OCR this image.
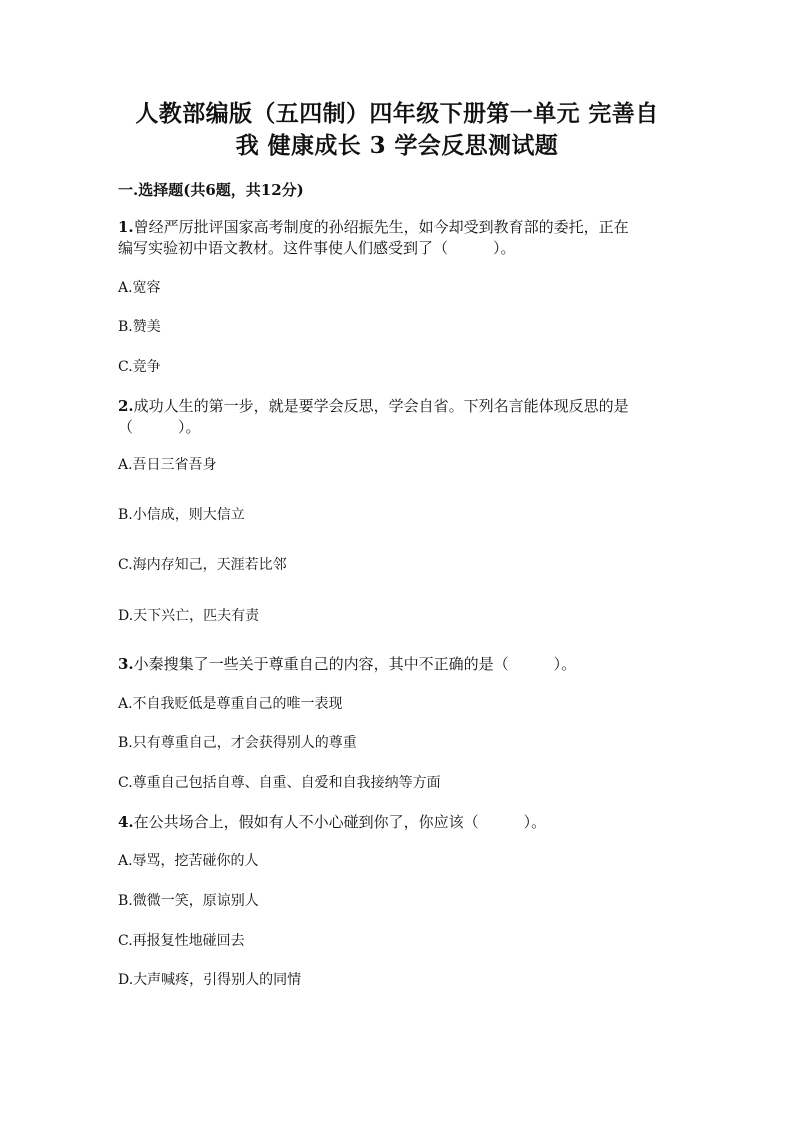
人教部编版（五四制）四年级下册第一单元 完善自
我 健康成长 3 学会反思测试题
一.选择题(共6题，共12分)
1.曾经严厉批评国家高考制度的孙绍振先生，如今却受到教育部的委托，正在
编写实验初中语文教材。这件事使人们感受到了（　　　）。
A.宽容
B.赞美
C.竞争
2.成功人生的第一步，就是要学会反思，学会自省。下列名言能体现反思的是
（　　　）。
A.吾日三省吾身
B.小信成，则大信立
C.海内存知己，天涯若比邻
D.天下兴亡，匹夫有责
3.小秦搜集了一些关于尊重自己的内容，其中不正确的是（　　　）。
A.不自我贬低是尊重自己的唯一表现
B.只有尊重自己，才会获得别人的尊重
C.尊重自己包括自尊、自重、自爱和自我接纳等方面
4.在公共场合上，假如有人不小心碰到你了，你应该（　　　）。
A.辱骂，挖苦碰你的人
B.微微一笑，原谅别人
C.再报复性地碰回去
D.大声喊疼，引得别人的同情
